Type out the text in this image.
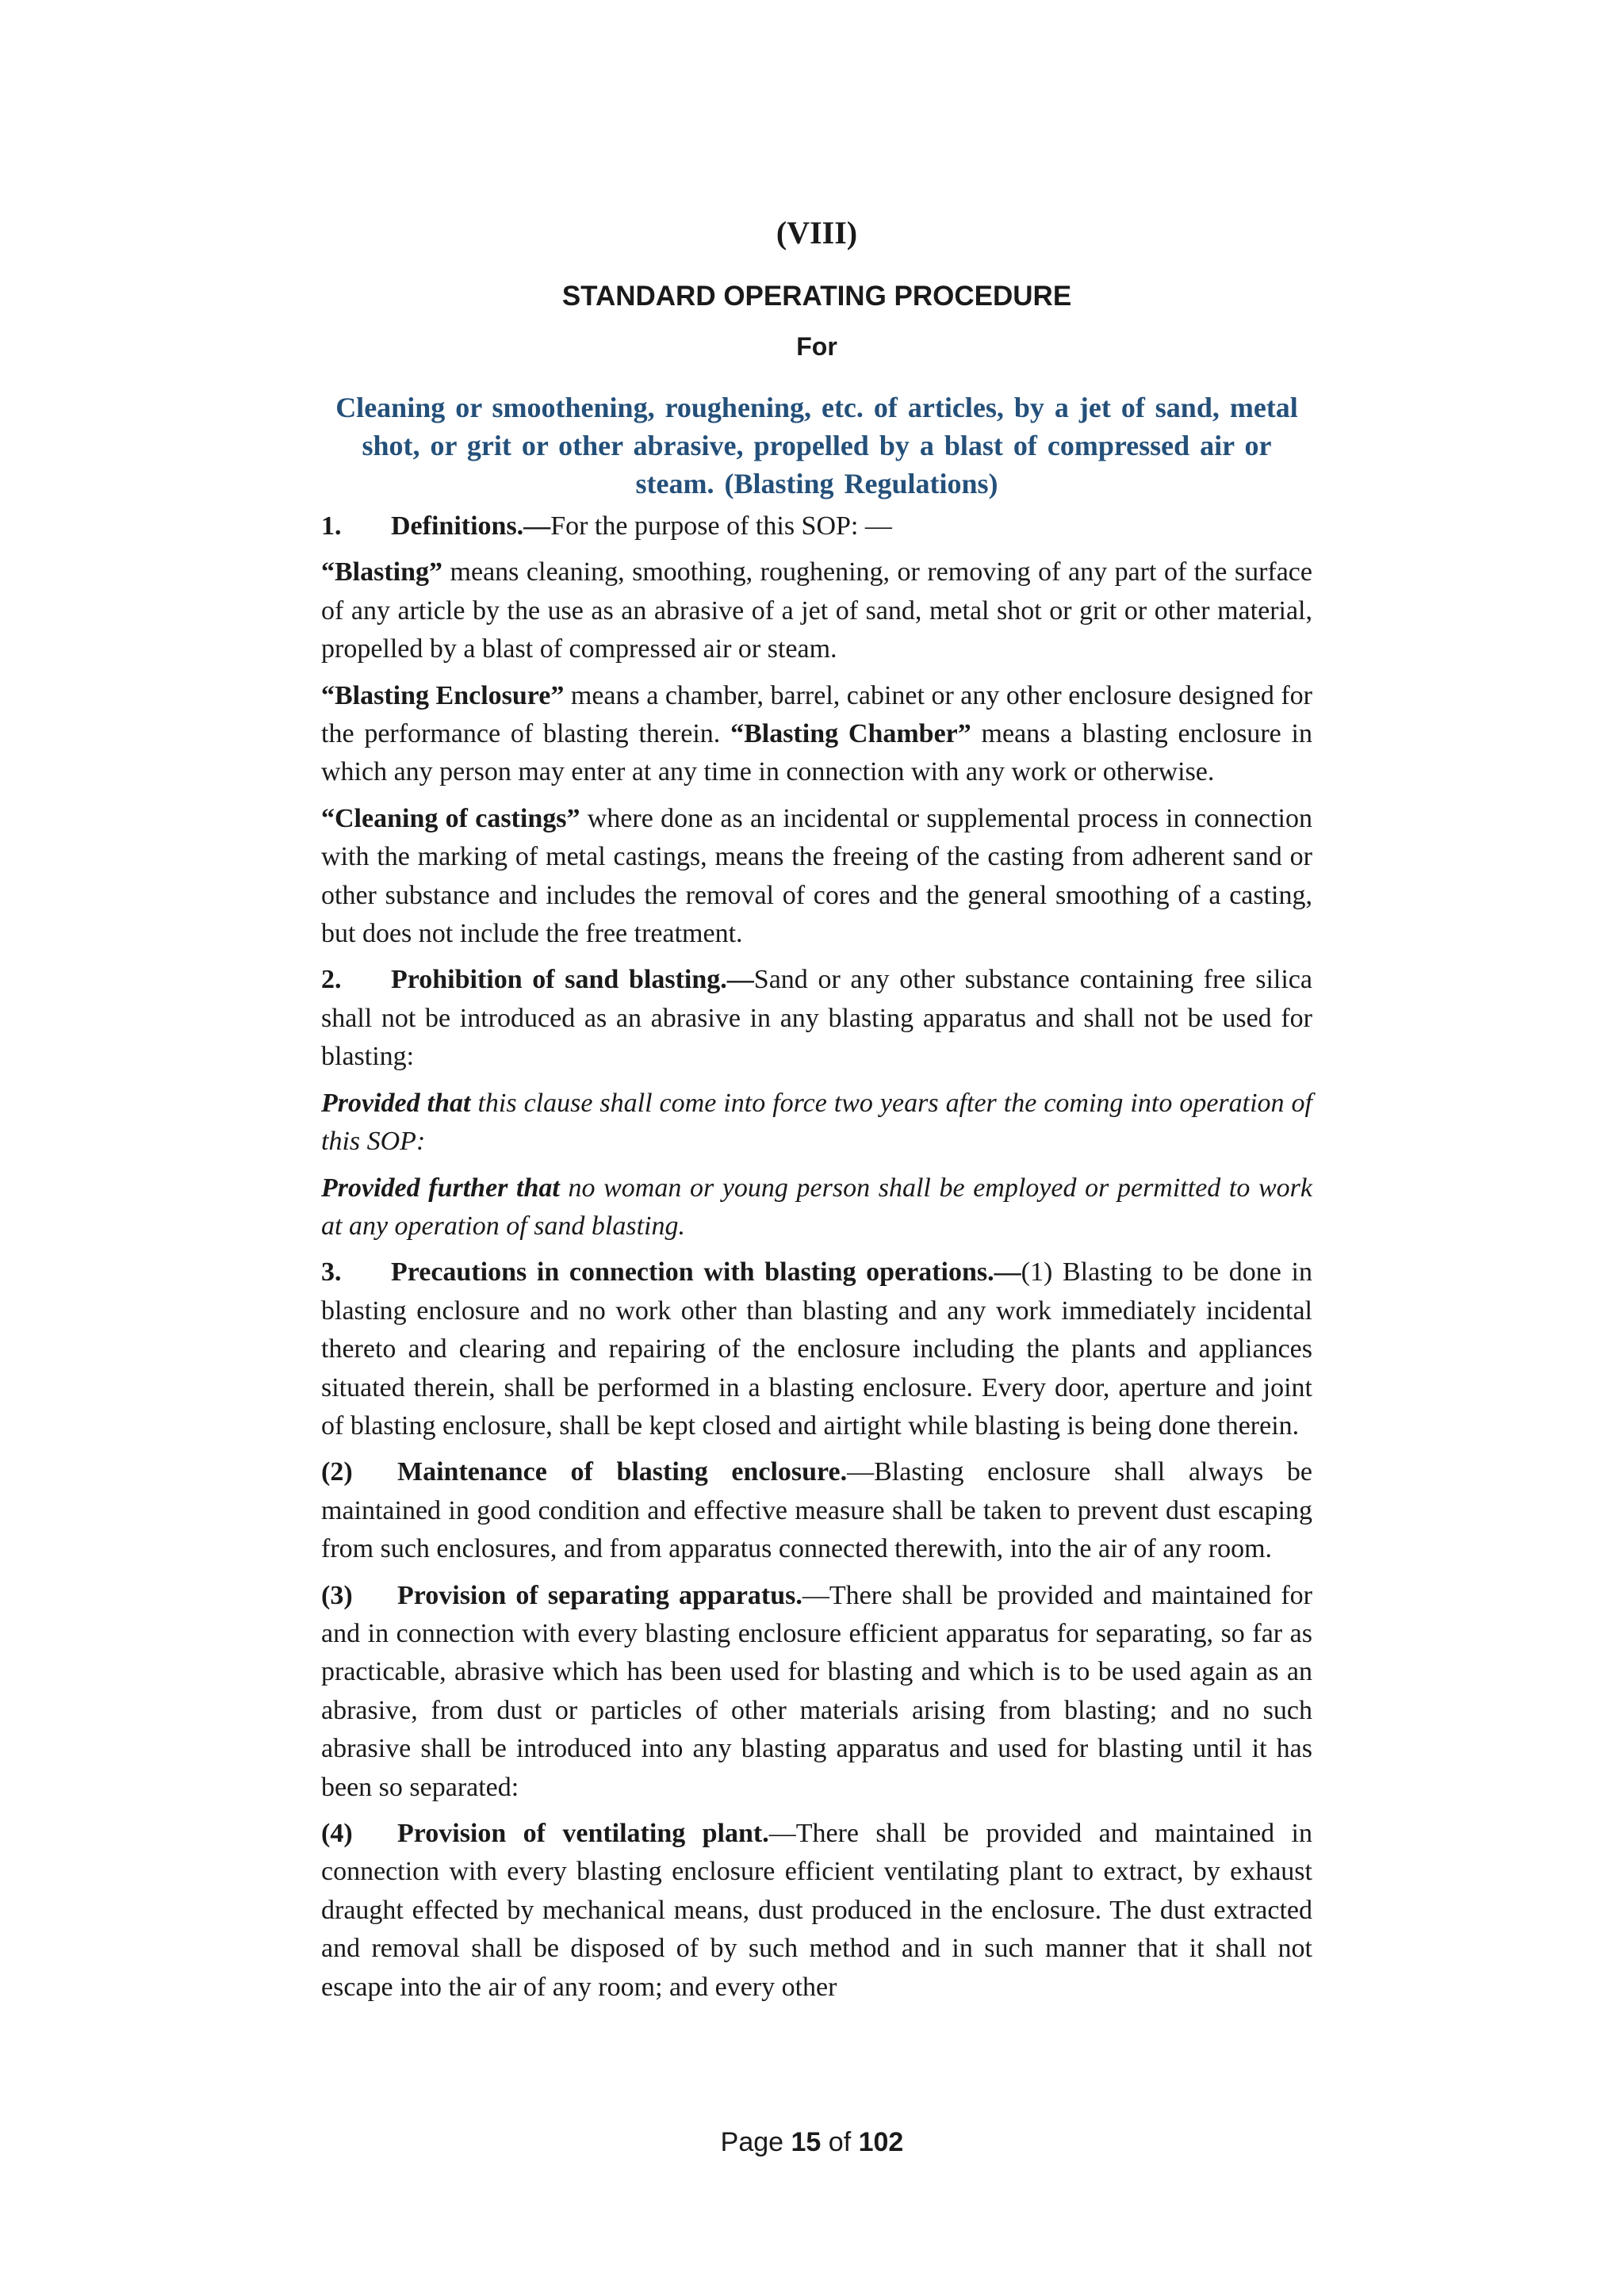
(VIII)
STANDARD OPERATING PROCEDURE
For
Cleaning or smoothening, roughening, etc. of articles, by a jet of sand, metal shot, or grit or other abrasive, propelled by a blast of compressed air or steam. (Blasting Regulations)

1. Definitions.—For the purpose of this SOP: —

“Blasting” means cleaning, smoothing, roughening, or removing of any part of the surface of any article by the use as an abrasive of a jet of sand, metal shot or grit or other material, propelled by a blast of compressed air or steam.

“Blasting Enclosure” means a chamber, barrel, cabinet or any other enclosure designed for the performance of blasting therein. “Blasting Chamber” means a blasting enclosure in which any person may enter at any time in connection with any work or otherwise.

“Cleaning of castings” where done as an incidental or supplemental process in connection with the marking of metal castings, means the freeing of the casting from adherent sand or other substance and includes the removal of cores and the general smoothing of a casting, but does not include the free treatment.

2. Prohibition of sand blasting.—Sand or any other substance containing free silica shall not be introduced as an abrasive in any blasting apparatus and shall not be used for blasting:

Provided that this clause shall come into force two years after the coming into operation of this SOP:

Provided further that no woman or young person shall be employed or permitted to work at any operation of sand blasting.

3. Precautions in connection with blasting operations.—(1) Blasting to be done in blasting enclosure and no work other than blasting and any work immediately incidental thereto and clearing and repairing of the enclosure including the plants and appliances situated therein, shall be performed in a blasting enclosure. Every door, aperture and joint of blasting enclosure, shall be kept closed and airtight while blasting is being done therein.

(2) Maintenance of blasting enclosure.—Blasting enclosure shall always be maintained in good condition and effective measure shall be taken to prevent dust escaping from such enclosures, and from apparatus connected therewith, into the air of any room.

(3) Provision of separating apparatus.—There shall be provided and maintained for and in connection with every blasting enclosure efficient apparatus for separating, so far as practicable, abrasive which has been used for blasting and which is to be used again as an abrasive, from dust or particles of other materials arising from blasting; and no such abrasive shall be introduced into any blasting apparatus and used for blasting until it has been so separated:

(4) Provision of ventilating plant.—There shall be provided and maintained in connection with every blasting enclosure efficient ventilating plant to extract, by exhaust draught effected by mechanical means, dust produced in the enclosure. The dust extracted and removal shall be disposed of by such method and in such manner that it shall not escape into the air of any room; and every other

Page 15 of 102
